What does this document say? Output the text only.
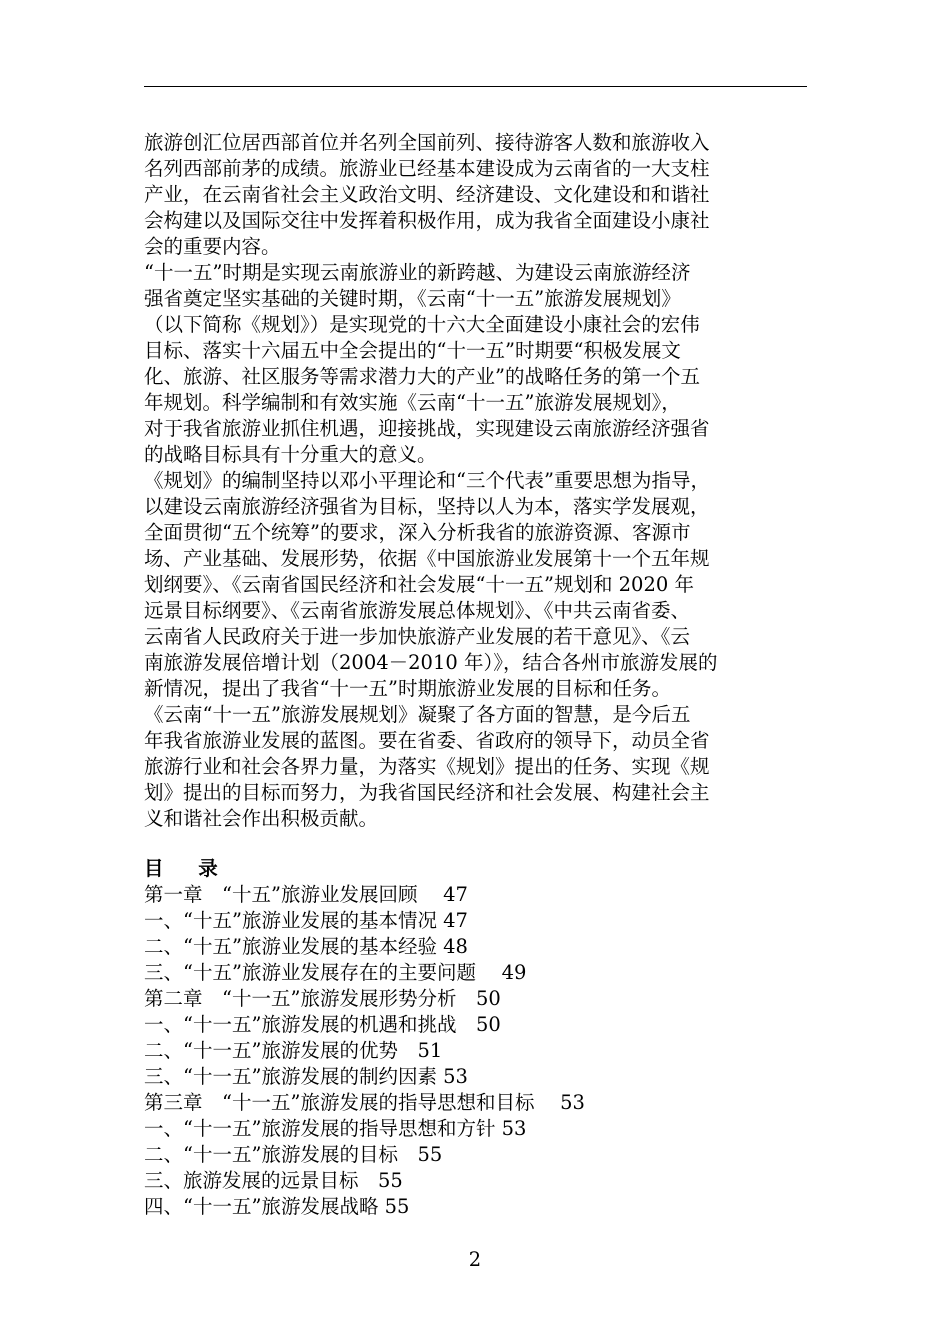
旅游创汇位居西部首位并名列全国前列、接待游客人数和旅游收入
名列西部前茅的成绩。旅游业已经基本建设成为云南省的一大支柱
产业，在云南省社会主义政治文明、经济建设、文化建设和和谐社
会构建以及国际交往中发挥着积极作用，成为我省全面建设小康社
会的重要内容。

“十一五”时期是实现云南旅游业的新跨越、为建设云南旅游经济
强省奠定坚实基础的关键时期，《云南“十一五”旅游发展规划》
（以下简称《规划》）是实现党的十六大全面建设小康社会的宏伟
目标、落实十六届五中全会提出的“十一五”时期要“积极发展文
化、旅游、社区服务等需求潜力大的产业”的战略任务的第一个五
年规划。科学编制和有效实施《云南“十一五”旅游发展规划》，
对于我省旅游业抓住机遇，迎接挑战，实现建设云南旅游经济强省
的战略目标具有十分重大的意义。

《规划》的编制坚持以邓小平理论和“三个代表”重要思想为指导，
以建设云南旅游经济强省为目标，坚持以人为本，落实学发展观，
全面贯彻“五个统筹”的要求，深入分析我省的旅游资源、客源市
场、产业基础、发展形势，依据《中国旅游业发展第十一个五年规
划纲要》、《云南省国民经济和社会发展“十一五”规划和 2020 年
远景目标纲要》、《云南省旅游发展总体规划》、《中共云南省委、
云南省人民政府关于进一步加快旅游产业发展的若干意见》、《云
南旅游发展倍增计划（2004－2010 年）》，结合各州市旅游发展的
新情况，提出了我省“十一五”时期旅游业发展的目标和任务。

《云南“十一五”旅游发展规划》凝聚了各方面的智慧，是今后五
年我省旅游业发展的蓝图。要在省委、省政府的领导下，动员全省
旅游行业和社会各界力量，为落实《规划》提出的任务、实现《规
划》提出的目标而努力，为我省国民经济和社会发展、构建社会主
义和谐社会作出积极贡献。

目 录
第一章　“十五”旅游业发展回顾　 47
一、“十五”旅游业发展的基本情况 47
二、“十五”旅游业发展的基本经验 48
三、“十五”旅游业发展存在的主要问题　 49
第二章　“十一五”旅游发展形势分析　50
一、“十一五”旅游发展的机遇和挑战　50
二、“十一五”旅游发展的优势　51
三、“十一五”旅游发展的制约因素 53
第三章　“十一五”旅游发展的指导思想和目标　 53
一、“十一五”旅游发展的指导思想和方针 53
二、“十一五”旅游发展的目标　55
三、旅游发展的远景目标　55
四、“十一五”旅游发展战略 55
2
